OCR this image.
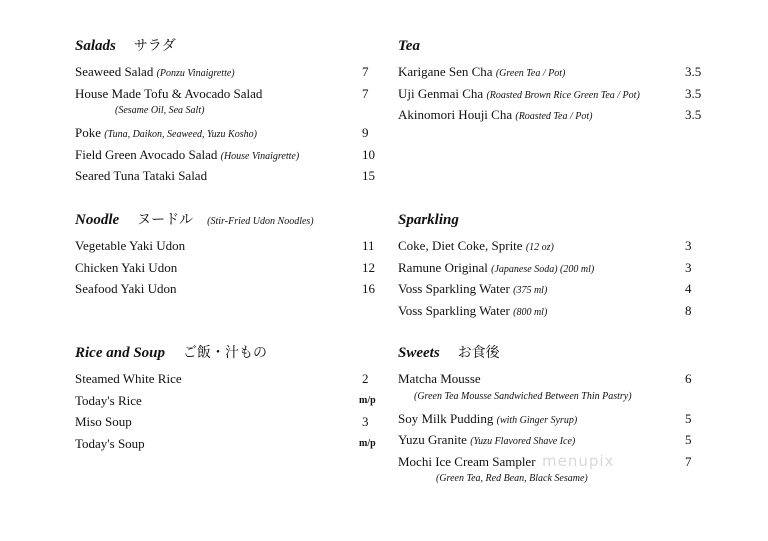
Salads サラダ
Seaweed Salad (Ponzu Vinaigrette)	7
House Made Tofu & Avocado Salad	7
(Sesame Oil, Sea Salt)
Poke (Tuna, Daikon, Seaweed, Yuzu Kosho)	9
Field Green Avocado Salad (House Vinaigrette)	10
Seared Tuna Tataki Salad	15
Noodle ヌードル (Stir-Fried Udon Noodles)
Vegetable Yaki Udon	11
Chicken Yaki Udon	12
Seafood Yaki Udon	16
Rice and Soup ご飯・汁もの
Steamed White Rice	2
Today's Rice	m/p
Miso Soup	3
Today's Soup	m/p
Tea
Karigane Sen Cha (Green Tea / Pot)	3.5
Uji Genmai Cha (Roasted Brown Rice Green Tea / Pot)	3.5
Akinomori Houji Cha (Roasted Tea / Pot)	3.5
Sparkling
Coke, Diet Coke, Sprite (12 oz)	3
Ramune Original (Japanese Soda) (200 ml)	3
Voss Sparkling Water (375 ml)	4
Voss Sparkling Water (800 ml)	8
Sweets お食後
Matcha Mousse	6
(Green Tea Mousse Sandwiched Between Thin Pastry)
Soy Milk Pudding (with Ginger Syrup)	5
Yuzu Granite (Yuzu Flavored Shave Ice)	5
Mochi Ice Cream Sampler	7
(Green Tea, Red Bean, Black Sesame)
menupix
